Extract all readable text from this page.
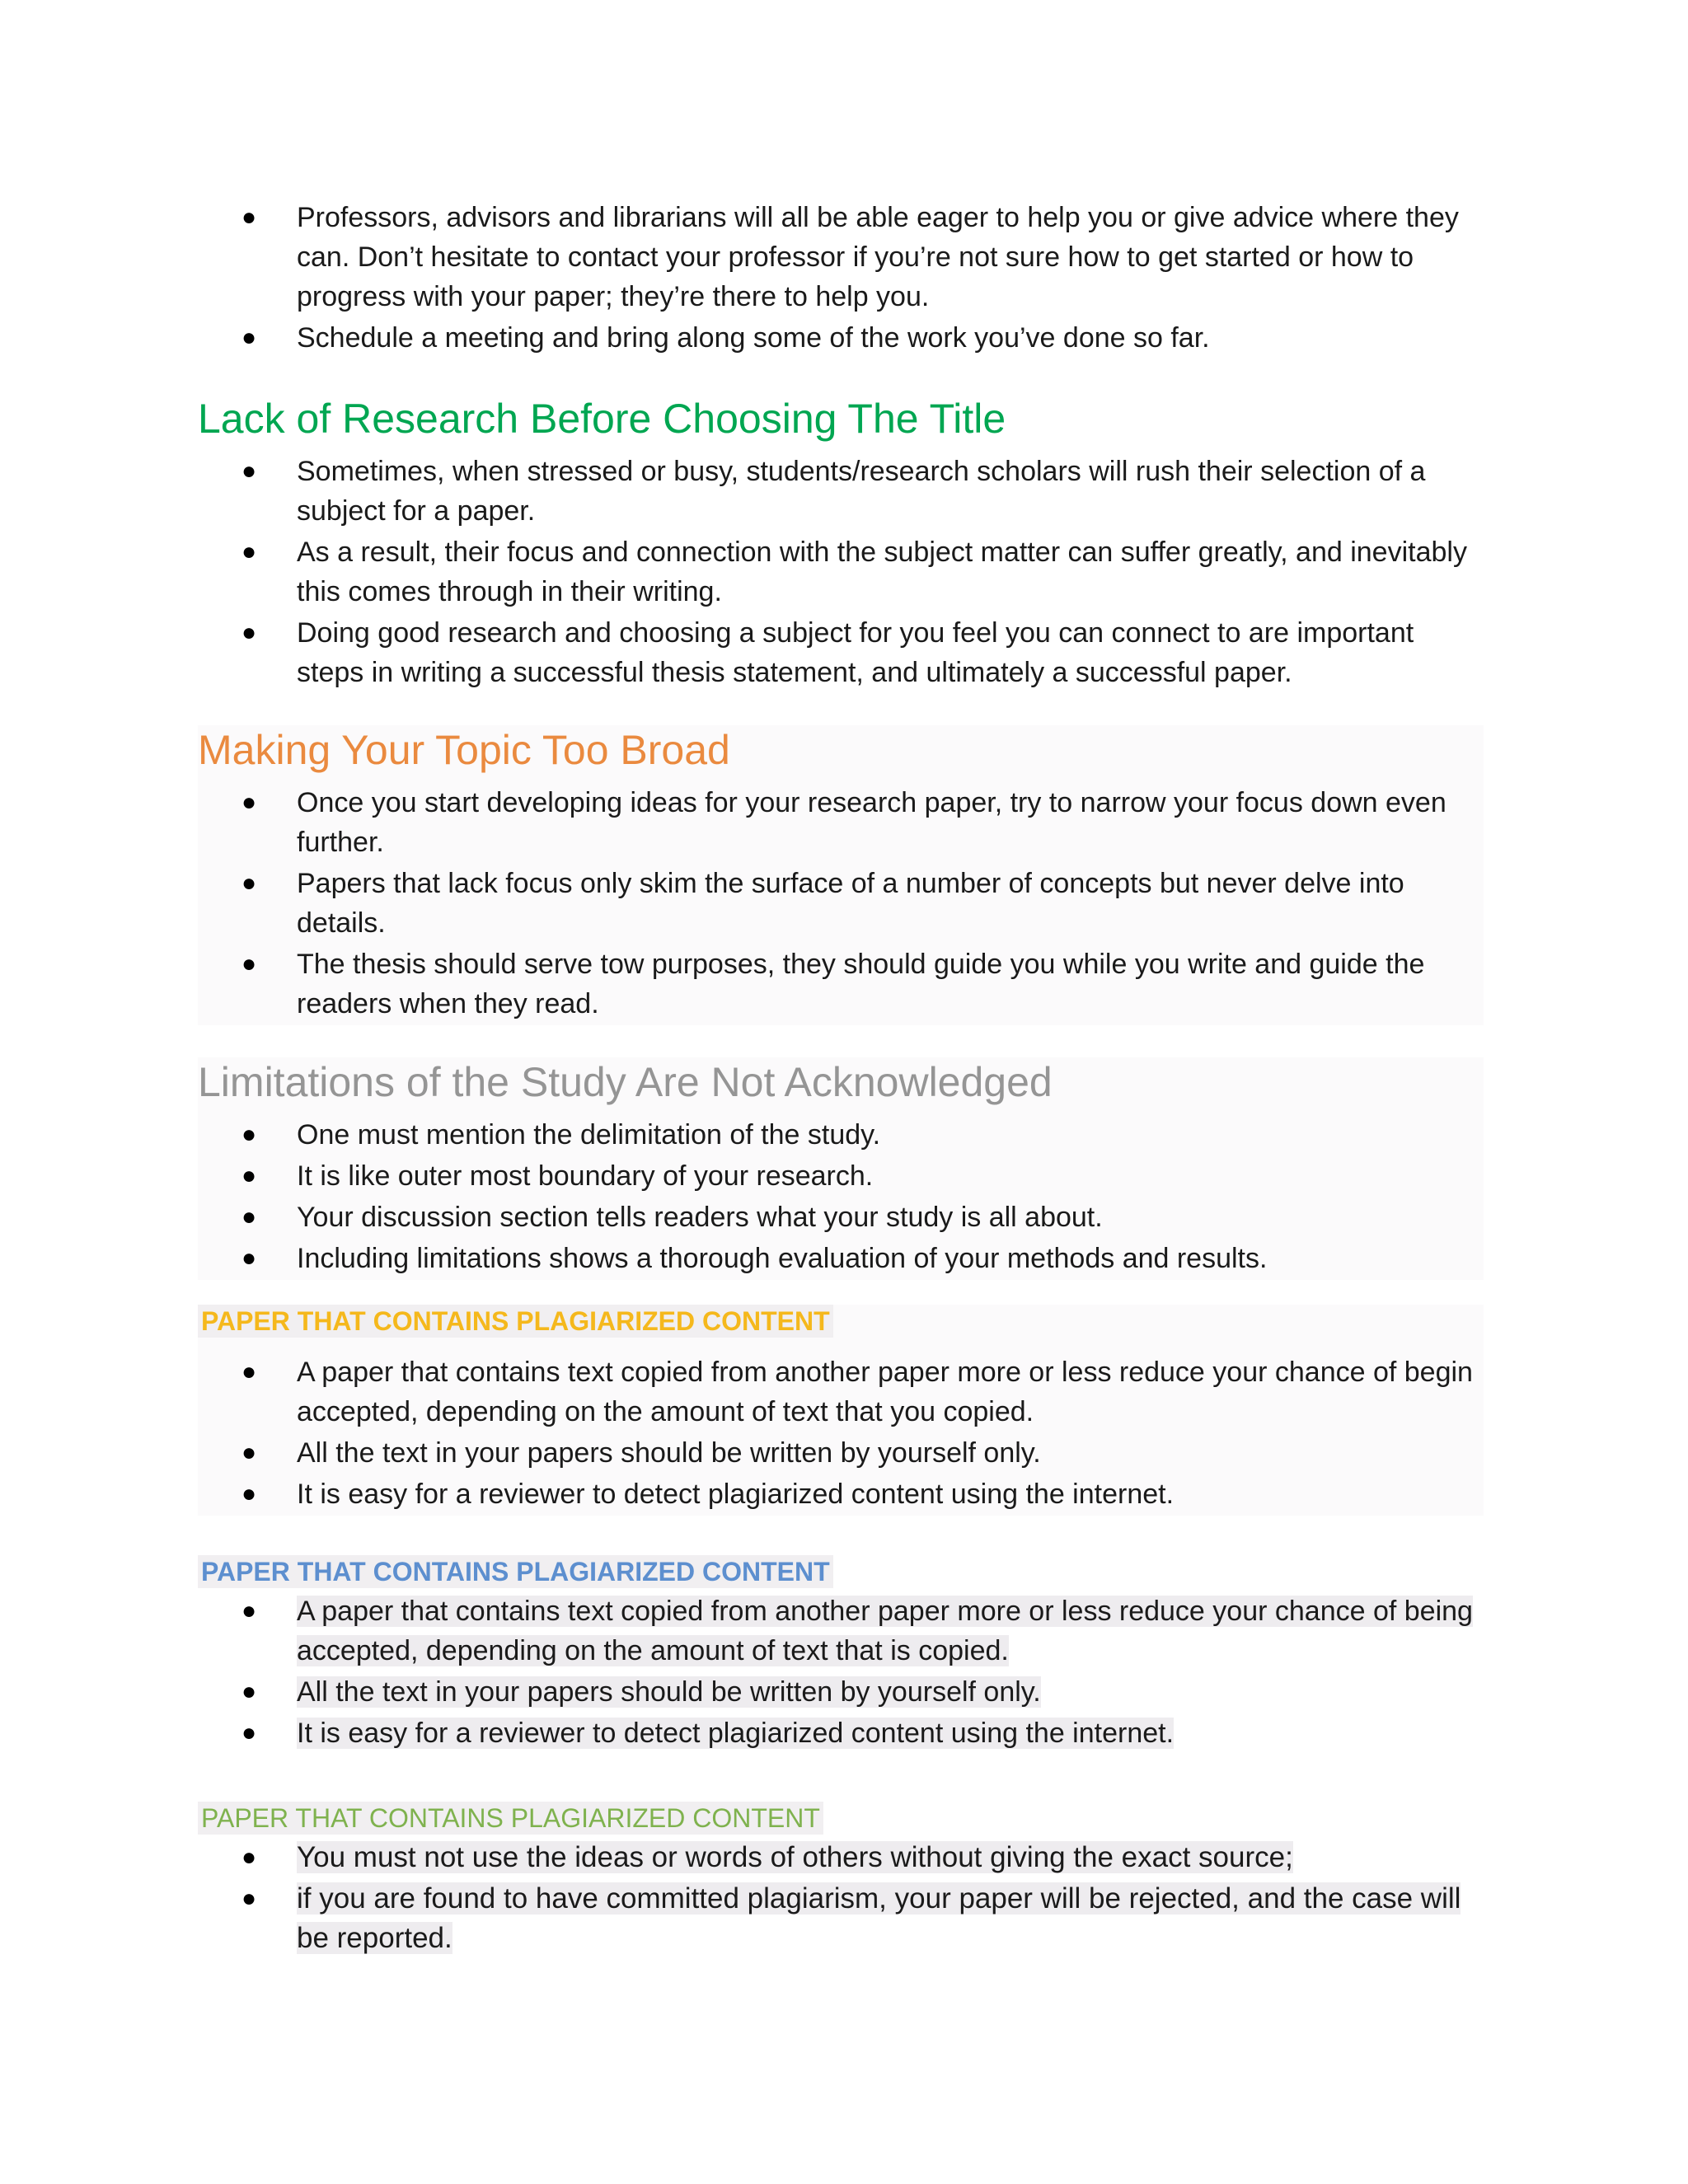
● Professors, advisors and librarians will all be able eager to help you or give advice where they can. Don’t hesitate to contact your professor if you’re not sure how to get started or how to progress with your paper; they’re there to help you.
● Schedule a meeting and bring along some of the work you’ve done so far.
Lack of Research Before Choosing The Title
● Sometimes, when stressed or busy, students/research scholars will rush their selection of a subject for a paper.
● As a result, their focus and connection with the subject matter can suffer greatly, and inevitably this comes through in their writing.
● Doing good research and choosing a subject for you feel you can connect to are important steps in writing a successful thesis statement, and ultimately a successful paper.
Making Your Topic Too Broad
● Once you start developing ideas for your research paper, try to narrow your focus down even further.
● Papers that lack focus only skim the surface of a number of concepts but never delve into details.
● The thesis should serve tow purposes, they should guide you while you write and guide the readers when they read.
Limitations of the Study Are Not Acknowledged
● One must mention the delimitation of the study.
● It is like outer most boundary of your research.
● Your discussion section tells readers what your study is all about.
● Including limitations shows a thorough evaluation of your methods and results.
PAPER THAT CONTAINS PLAGIARIZED CONTENT
● A paper that contains text copied from another paper more or less reduce your chance of begin accepted, depending on the amount of text that you copied.
● All the text in your papers should be written by yourself only.
● It is easy for a reviewer to detect plagiarized content using the internet.
PAPER THAT CONTAINS PLAGIARIZED CONTENT
● A paper that contains text copied from another paper more or less reduce your chance of being accepted, depending on the amount of text that is copied.
● All the text in your papers should be written by yourself only.
● It is easy for a reviewer to detect plagiarized content using the internet.
PAPER THAT CONTAINS PLAGIARIZED CONTENT
● You must not use the ideas or words of others without giving the exact source;
● if you are found to have committed plagiarism, your paper will be rejected, and the case will be reported.
